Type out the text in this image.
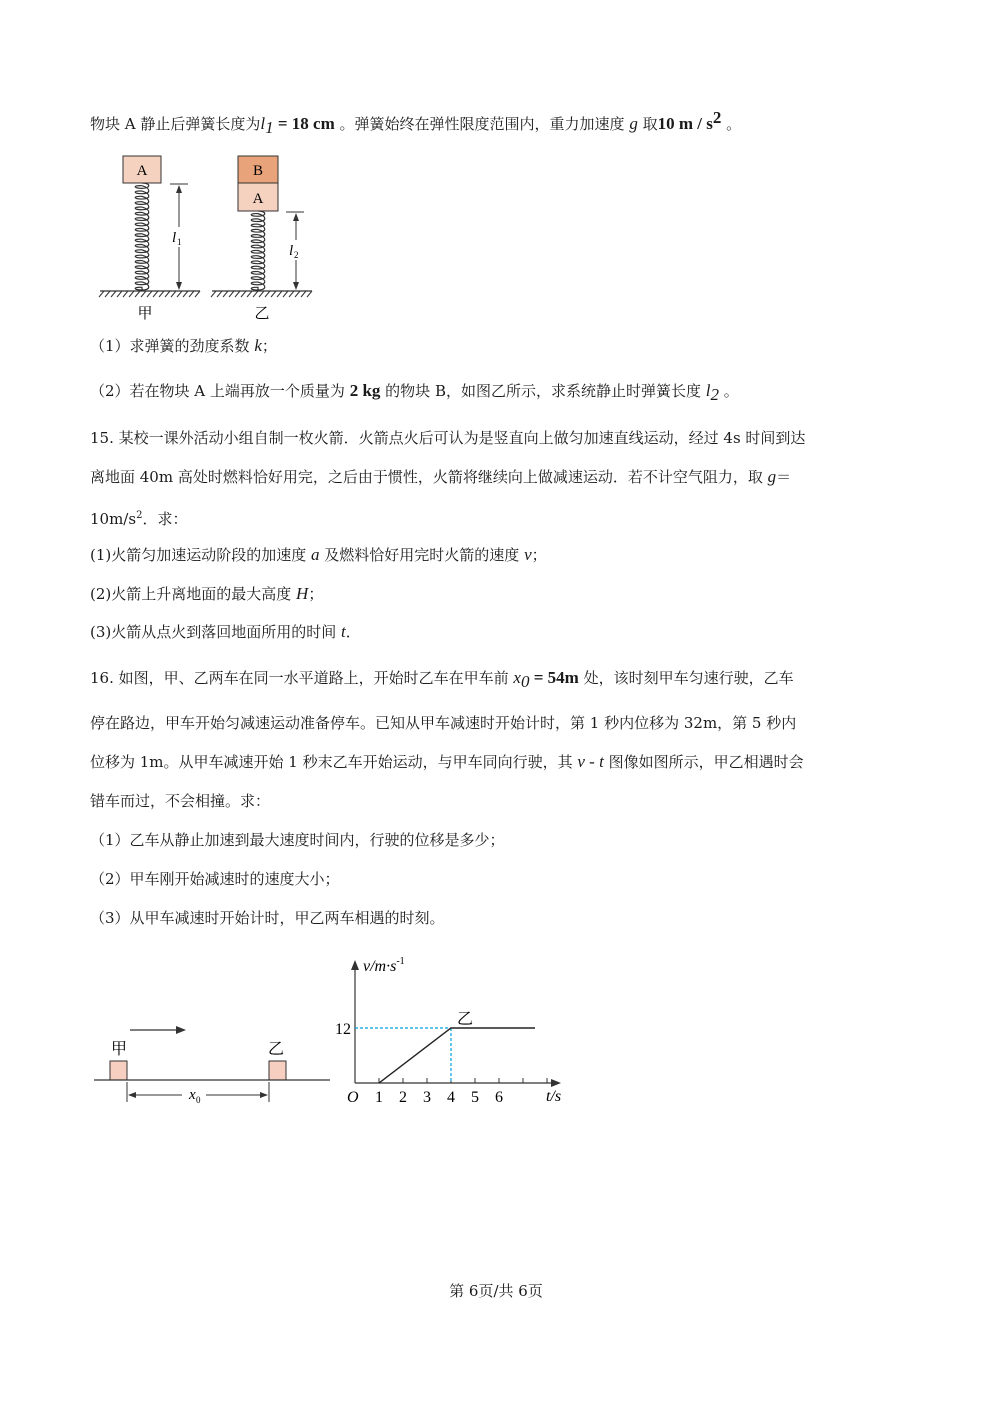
物块 A 静止后弹簧长度为$l_1 = 18$ cm 。弹簧始终在弹性限度范围内，重力加速度 g 取10 m / $s^2$ 。
A
l 1
甲
B
A
l 2
乙
（1）求弹簧的劲度系数 k；
（2）若在物块 A 上端再放一个质量为 2 kg 的物块 B，如图乙所示，求系统静止时弹簧长度 $l_2$ 。
15. 某校一课外活动小组自制一枚火箭．火箭点火后可认为是竖直向上做匀加速直线运动，经过 4s 时间到达
离地面 40m 高处时燃料恰好用完，之后由于惯性，火箭将继续向上做减速运动．若不计空气阻力，取 g＝
$10m/s^2$．求：
(1)火箭匀加速运动阶段的加速度 a 及燃料恰好用完时火箭的速度 v；
(2)火箭上升离地面的最大高度 H；
(3)火箭从点火到落回地面所用的时间 t．
16. 如图，甲、乙两车在同一水平道路上，开始时乙车在甲车前 $x_0 = 54m$ 处，该时刻甲车匀速行驶，乙车
停在路边，甲车开始匀减速运动准备停车。已知从甲车减速时开始计时，第 1 秒内位移为 32m，第 5 秒内
位移为 1m。从甲车减速开始 1 秒末乙车开始运动，与甲车同向行驶，其 v - t 图像如图所示，甲乙相遇时会
错车而过，不会相撞。求：
（1）乙车从静止加速到最大速度时间内，行驶的位移是多少；
（2）甲车刚开始减速时的速度大小；
（3）从甲车减速时开始计时，甲乙两车相遇的时刻。
甲	乙
x 0
$v/m\cdot s^{-1}$
t/s
O 1 2 3 4 5 6
12
乙
第 6页/共 6页
